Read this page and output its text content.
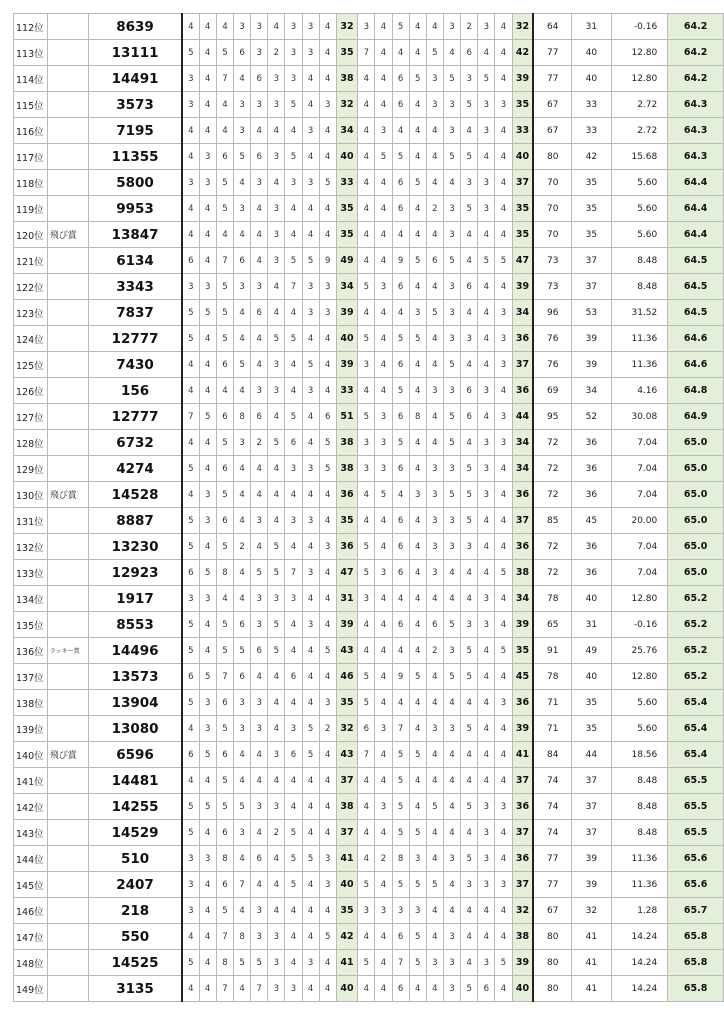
112位		8639	4	4	4	3	3	4	3	3	4	32	3	4	5	4	4	3	2	3	4	32	64	31	-0.16	64.2
113位		13111	5	4	5	6	3	2	3	3	4	35	7	4	4	4	5	4	6	4	4	42	77	40	12.80	64.2
114位		14491	3	4	7	4	6	3	3	4	4	38	4	4	6	5	3	5	3	5	4	39	77	40	12.80	64.2
115位		3573	3	4	4	3	3	3	5	4	3	32	4	4	6	4	3	3	5	3	3	35	67	33	2.72	64.3
116位		7195	4	4	4	3	4	4	4	3	4	34	4	3	4	4	4	3	4	3	4	33	67	33	2.72	64.3
117位		11355	4	3	6	5	6	3	5	4	4	40	4	5	5	4	4	5	5	4	4	40	80	42	15.68	64.3
118位		5800	3	3	5	4	3	4	3	3	5	33	4	4	6	5	4	4	3	3	4	37	70	35	5.60	64.4
119位		9953	4	4	5	3	4	3	4	4	4	35	4	4	6	4	2	3	5	3	4	35	70	35	5.60	64.4
120位	飛び賞	13847	4	4	4	4	4	3	4	4	4	35	4	4	4	4	4	3	4	4	4	35	70	35	5.60	64.4
121位		6134	6	4	7	6	4	3	5	5	9	49	4	4	9	5	6	5	4	5	5	47	73	37	8.48	64.5
122位		3343	3	3	5	3	3	4	7	3	3	34	5	3	6	4	4	3	6	4	4	39	73	37	8.48	64.5
123位		7837	5	5	5	4	6	4	4	3	3	39	4	4	4	3	5	3	4	4	3	34	96	53	31.52	64.5
124位		12777	5	4	5	4	4	5	5	4	4	40	5	4	5	5	4	3	3	4	3	36	76	39	11.36	64.6
125位		7430	4	4	6	5	4	3	4	5	4	39	3	4	6	4	4	5	4	4	3	37	76	39	11.36	64.6
126位		156	4	4	4	4	3	3	4	3	4	33	4	4	5	4	3	3	6	3	4	36	69	34	4.16	64.8
127位		12777	7	5	6	8	6	4	5	4	6	51	5	3	6	8	4	5	6	4	3	44	95	52	30.08	64.9
128位		6732	4	4	5	3	2	5	6	4	5	38	3	3	5	4	4	5	4	3	3	34	72	36	7.04	65.0
129位		4274	5	4	6	4	4	4	3	3	5	38	3	3	6	4	3	3	5	3	4	34	72	36	7.04	65.0
130位	飛び賞	14528	4	3	5	4	4	4	4	4	4	36	4	5	4	3	3	5	5	3	4	36	72	36	7.04	65.0
131位		8887	5	3	6	4	3	4	3	3	4	35	4	4	6	4	3	3	5	4	4	37	85	45	20.00	65.0
132位		13230	5	4	5	2	4	5	4	4	3	36	5	4	6	4	3	3	3	4	4	36	72	36	7.04	65.0
133位		12923	6	5	8	4	5	5	7	3	4	47	5	3	6	4	3	4	4	4	5	38	72	36	7.04	65.0
134位		1917	3	3	4	4	3	3	3	4	4	31	3	4	4	4	4	4	4	3	4	34	78	40	12.80	65.2
135位		8553	5	4	5	6	3	5	4	3	4	39	4	4	6	4	6	5	3	3	4	39	65	31	-0.16	65.2
136位	ラッキー賞	14496	5	4	5	5	6	5	4	4	5	43	4	4	4	4	2	3	5	4	5	35	91	49	25.76	65.2
137位		13573	6	5	7	6	4	4	6	4	4	46	5	4	9	5	4	5	5	4	4	45	78	40	12.80	65.2
138位		13904	5	3	6	3	3	4	4	4	3	35	5	4	4	4	4	4	4	4	3	36	71	35	5.60	65.4
139位		13080	4	3	5	3	3	4	3	5	2	32	6	3	7	4	3	3	5	4	4	39	71	35	5.60	65.4
140位	飛び賞	6596	6	5	6	4	4	3	6	5	4	43	7	4	5	5	4	4	4	4	4	41	84	44	18.56	65.4
141位		14481	4	4	5	4	4	4	4	4	4	37	4	4	5	4	4	4	4	4	4	37	74	37	8.48	65.5
142位		14255	5	5	5	5	3	3	4	4	4	38	4	3	5	4	5	4	5	3	3	36	74	37	8.48	65.5
143位		14529	5	4	6	3	4	2	5	4	4	37	4	4	5	5	4	4	4	3	4	37	74	37	8.48	65.5
144位		510	3	3	8	4	6	4	5	5	3	41	4	2	8	3	4	3	5	3	4	36	77	39	11.36	65.6
145位		2407	3	4	6	7	4	4	5	4	3	40	5	4	5	5	5	4	3	3	3	37	77	39	11.36	65.6
146位		218	3	4	5	4	3	4	4	4	4	35	3	3	3	3	4	4	4	4	4	32	67	32	1.28	65.7
147位		550	4	4	7	8	3	3	4	4	5	42	4	4	6	5	4	3	4	4	4	38	80	41	14.24	65.8
148位		14525	5	4	8	5	5	3	4	3	4	41	5	4	7	5	3	3	4	3	5	39	80	41	14.24	65.8
149位		3135	4	4	7	4	7	3	3	4	4	40	4	4	6	4	4	3	5	6	4	40	80	41	14.24	65.8
